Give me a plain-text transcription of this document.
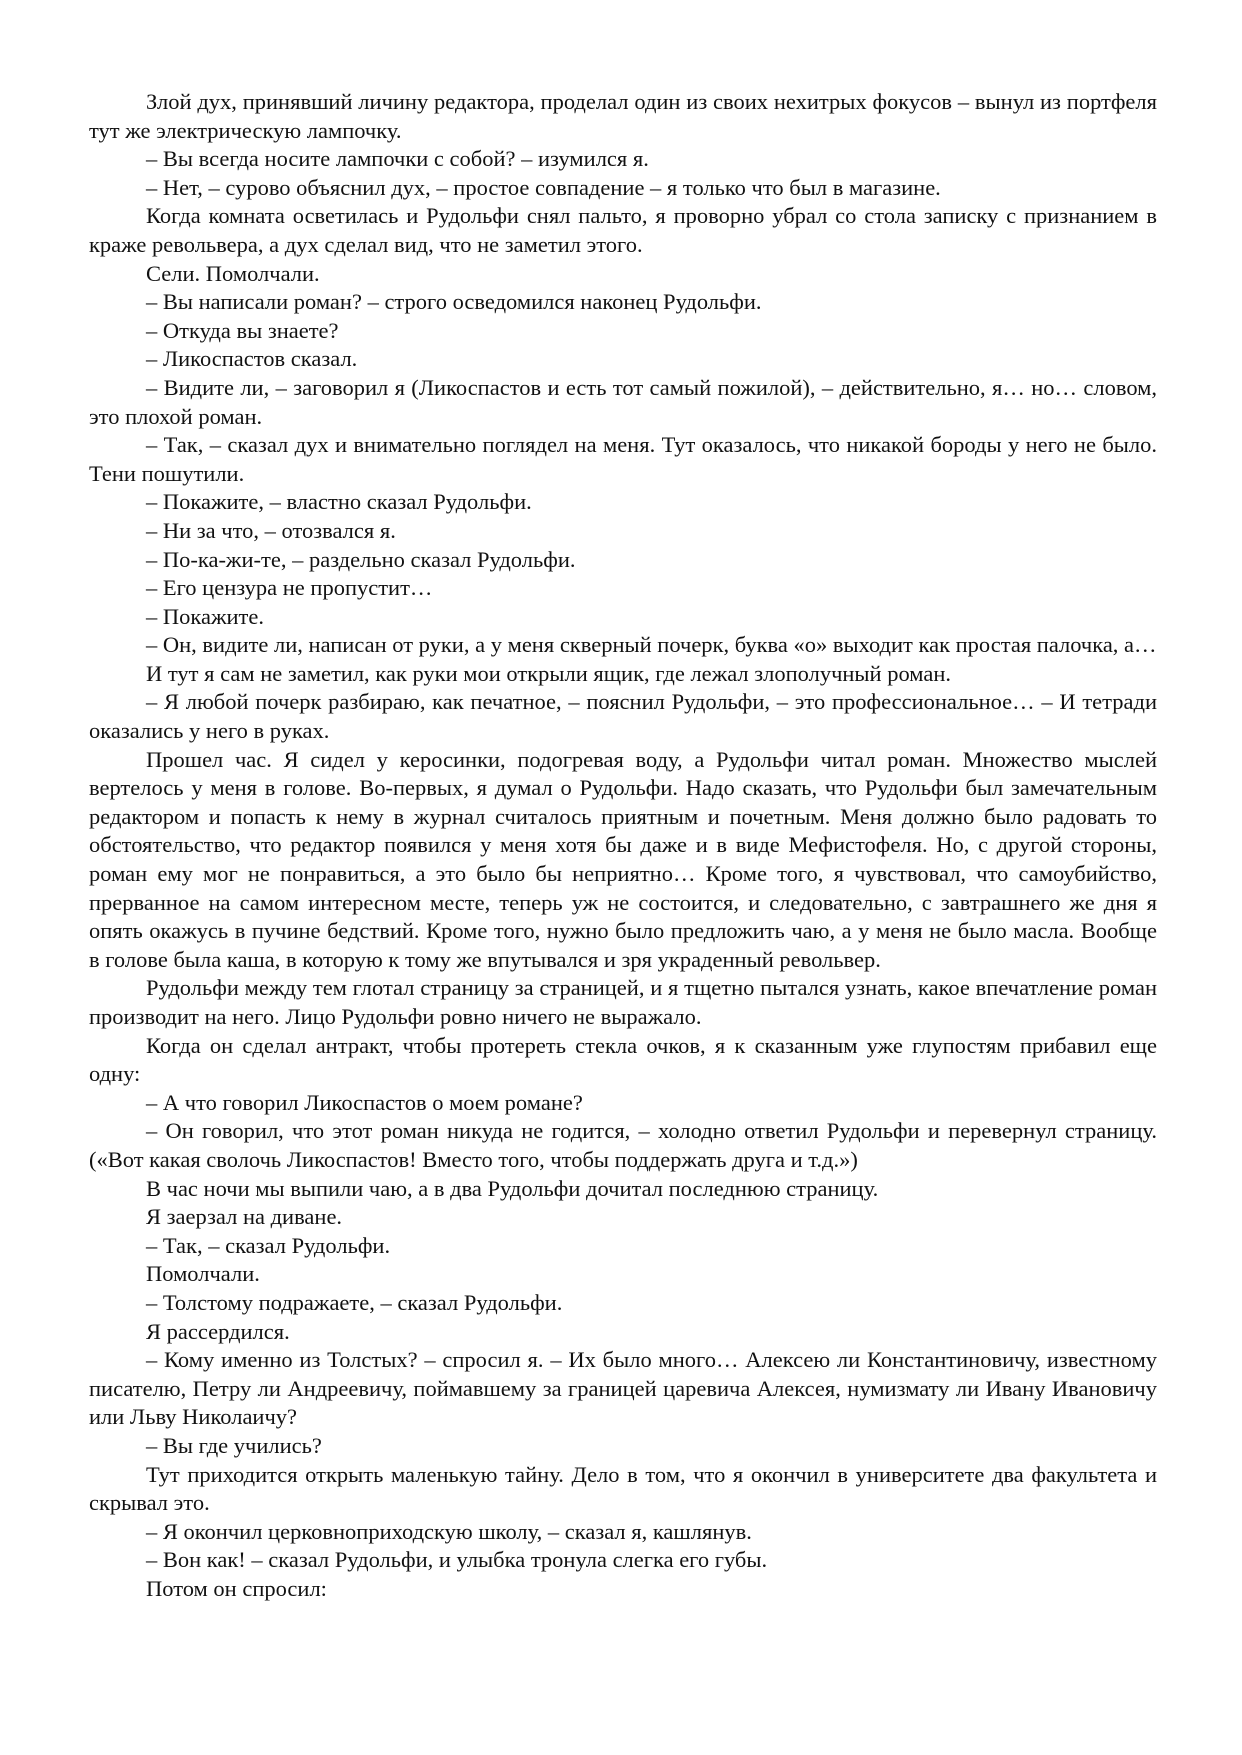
Злой дух, принявший личину редактора, проделал один из своих нехитрых фокусов – вынул из портфеля тут же электрическую лампочку.

– Вы всегда носите лампочки с собой? – изумился я.

– Нет, – сурово объяснил дух, – простое совпадение – я только что был в магазине.

Когда комната осветилась и Рудольфи снял пальто, я проворно убрал со стола записку с признанием в краже револьвера, а дух сделал вид, что не заметил этого.

Сели. Помолчали.

– Вы написали роман? – строго осведомился наконец Рудольфи.

– Откуда вы знаете?

– Ликоспастов сказал.

– Видите ли, – заговорил я (Ликоспастов и есть тот самый пожилой), – действительно, я… но… словом, это плохой роман.

– Так, – сказал дух и внимательно поглядел на меня. Тут оказалось, что никакой бороды у него не было. Тени пошутили.

– Покажите, – властно сказал Рудольфи.

– Ни за что, – отозвался я.

– По-ка-жи-те, – раздельно сказал Рудольфи.

– Его цензура не пропустит…

– Покажите.

– Он, видите ли, написан от руки, а у меня скверный почерк, буква «о» выходит как простая палочка, а…

И тут я сам не заметил, как руки мои открыли ящик, где лежал злополучный роман.

– Я любой почерк разбираю, как печатное, – пояснил Рудольфи, – это профессиональное… – И тетради оказались у него в руках.

Прошел час. Я сидел у керосинки, подогревая воду, а Рудольфи читал роман. Множество мыслей вертелось у меня в голове. Во-первых, я думал о Рудольфи. Надо сказать, что Рудольфи был замечательным редактором и попасть к нему в журнал считалось приятным и почетным. Меня должно было радовать то обстоятельство, что редактор появился у меня хотя бы даже и в виде Мефистофеля. Но, с другой стороны, роман ему мог не понравиться, а это было бы неприятно… Кроме того, я чувствовал, что самоубийство, прерванное на самом интересном месте, теперь уж не состоится, и следовательно, с завтрашнего же дня я опять окажусь в пучине бедствий. Кроме того, нужно было предложить чаю, а у меня не было масла. Вообще в голове была каша, в которую к тому же впутывался и зря украденный револьвер.

Рудольфи между тем глотал страницу за страницей, и я тщетно пытался узнать, какое впечатление роман производит на него. Лицо Рудольфи ровно ничего не выражало.

Когда он сделал антракт, чтобы протереть стекла очков, я к сказанным уже глупостям прибавил еще одну:

– А что говорил Ликоспастов о моем романе?

– Он говорил, что этот роман никуда не годится, – холодно ответил Рудольфи и перевернул страницу. («Вот какая сволочь Ликоспастов! Вместо того, чтобы поддержать друга и т.д.»)

В час ночи мы выпили чаю, а в два Рудольфи дочитал последнюю страницу.

Я заерзал на диване.

– Так, – сказал Рудольфи.

Помолчали.

– Толстому подражаете, – сказал Рудольфи.

Я рассердился.

– Кому именно из Толстых? – спросил я. – Их было много… Алексею ли Константиновичу, известному писателю, Петру ли Андреевичу, поймавшему за границей царевича Алексея, нумизмату ли Ивану Ивановичу или Льву Николаичу?

– Вы где учились?

Тут приходится открыть маленькую тайну. Дело в том, что я окончил в университете два факультета и скрывал это.

– Я окончил церковноприходскую школу, – сказал я, кашлянув.

– Вон как! – сказал Рудольфи, и улыбка тронула слегка его губы.

Потом он спросил:
